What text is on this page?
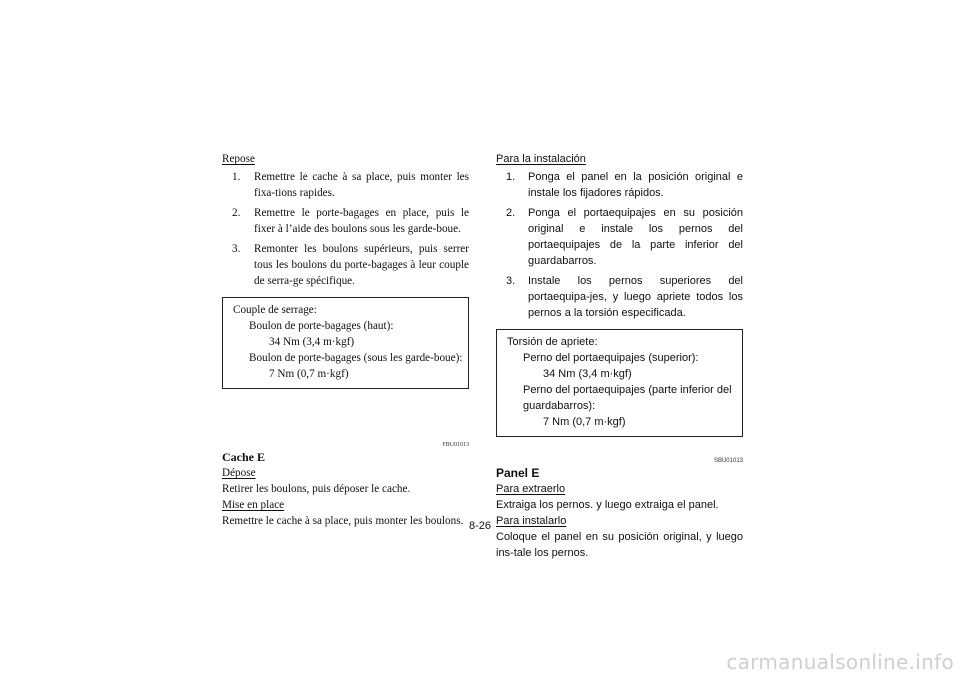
Repose
1. Remettre le cache à sa place, puis monter les fixa-tions rapides.
2. Remettre le porte-bagages en place, puis le fixer à l’aide des boulons sous les garde-boue.
3. Remonter les boulons supérieurs, puis serrer tous les boulons du porte-bagages à leur couple de serra-ge spécifique.
Couple de serrage:
Boulon de porte-bagages (haut):
34 Nm (3,4 m·kgf)
Boulon de porte-bagages (sous les garde-boue):
7 Nm (0,7 m·kgf)
FBU01013
Cache E
Dépose

Retirer les boulons, puis déposer le cache.

Mise en place

Remettre le cache à sa place, puis monter les boulons.

Para la instalación
1. Ponga el panel en la posición original e instale los fijadores rápidos.
2. Ponga el portaequipajes en su posición original e instale los pernos del portaequipajes de la parte inferior del guardabarros.
3. Instale los pernos superiores del portaequipa-jes, y luego apriete todos los pernos a la torsión especificada.
Torsión de apriete:
Perno del portaequipajes (superior):
34 Nm (3,4 m·kgf)
Perno del portaequipajes (parte inferior del guardabarros):
7 Nm (0,7 m·kgf)
SBU01013
Panel E
Para extraerlo

Extraiga los pernos. y luego extraiga el panel.

Para instalarlo

Coloque el panel en su posición original, y luego ins-tale los pernos.

8-26
carmanualsonline.info
